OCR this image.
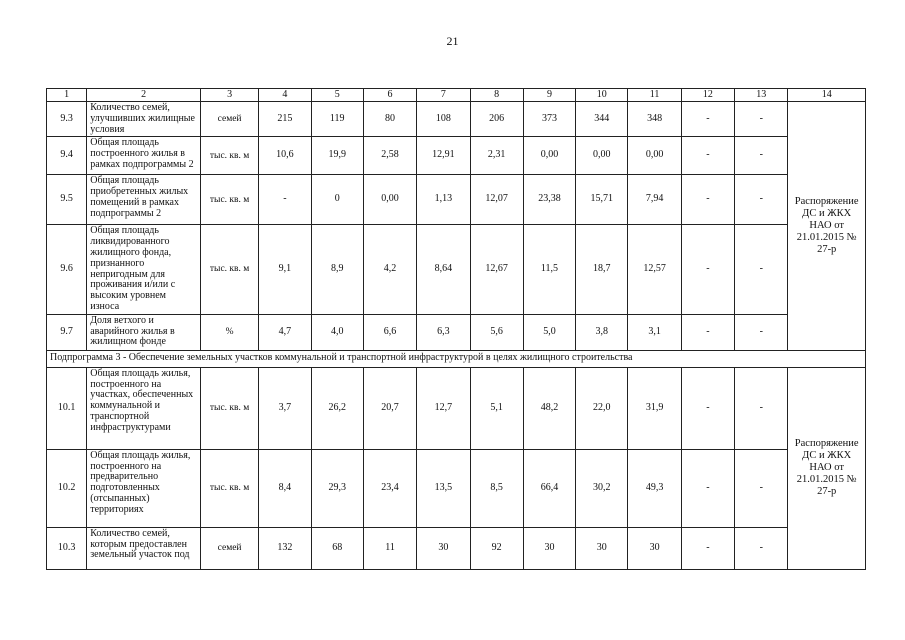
21
1	2	3	4	5	6	7	8	9	10	11	12	13	14
9.3	Количество семей, улучшивших жилищные условия	семей	215	119	80	108	206	373	344	348	-	-	Распоряжение ДС и ЖКХ НАО от 21.01.2015 № 27-р
9.4	Общая площадь построенного жилья в рамках подпрограммы 2	тыс. кв. м	10,6	19,9	2,58	12,91	2,31	0,00	0,00	0,00	-	-	
9.5	Общая площадь приобретенных жилых помещений в рамках подпрограммы 2	тыс. кв. м	-	0	0,00	1,13	12,07	23,38	15,71	7,94	-	-	
9.6	Общая площадь ликвидированного жилищного фонда, признанного непригодным для проживания и/или с высоким уровнем износа	тыс. кв. м	9,1	8,9	4,2	8,64	12,67	11,5	18,7	12,57	-	-	
9.7	Доля ветхого и аварийного жилья в жилищном фонде	%	4,7	4,0	6,6	6,3	5,6	5,0	3,8	3,1	-	-	
Подпрограмма 3 - Обеспечение земельных участков коммунальной и транспортной инфраструктурой в целях жилищного строительства													
10.1	Общая площадь жилья, построенного на участках, обеспеченных коммунальной и транспортной инфраструктурами	тыс. кв. м	3,7	26,2	20,7	12,7	5,1	48,2	22,0	31,9	-	-	Распоряжение ДС и ЖКХ НАО от 21.01.2015 № 27-р
10.2	Общая площадь жилья, построенного на предварительно подготовленных (отсыпанных) территориях	тыс. кв. м	8,4	29,3	23,4	13,5	8,5	66,4	30,2	49,3	-	-	
10.3	Количество семей, которым предоставлен земельный участок под	семей	132	68	11	30	92	30	30	30	-	-	
